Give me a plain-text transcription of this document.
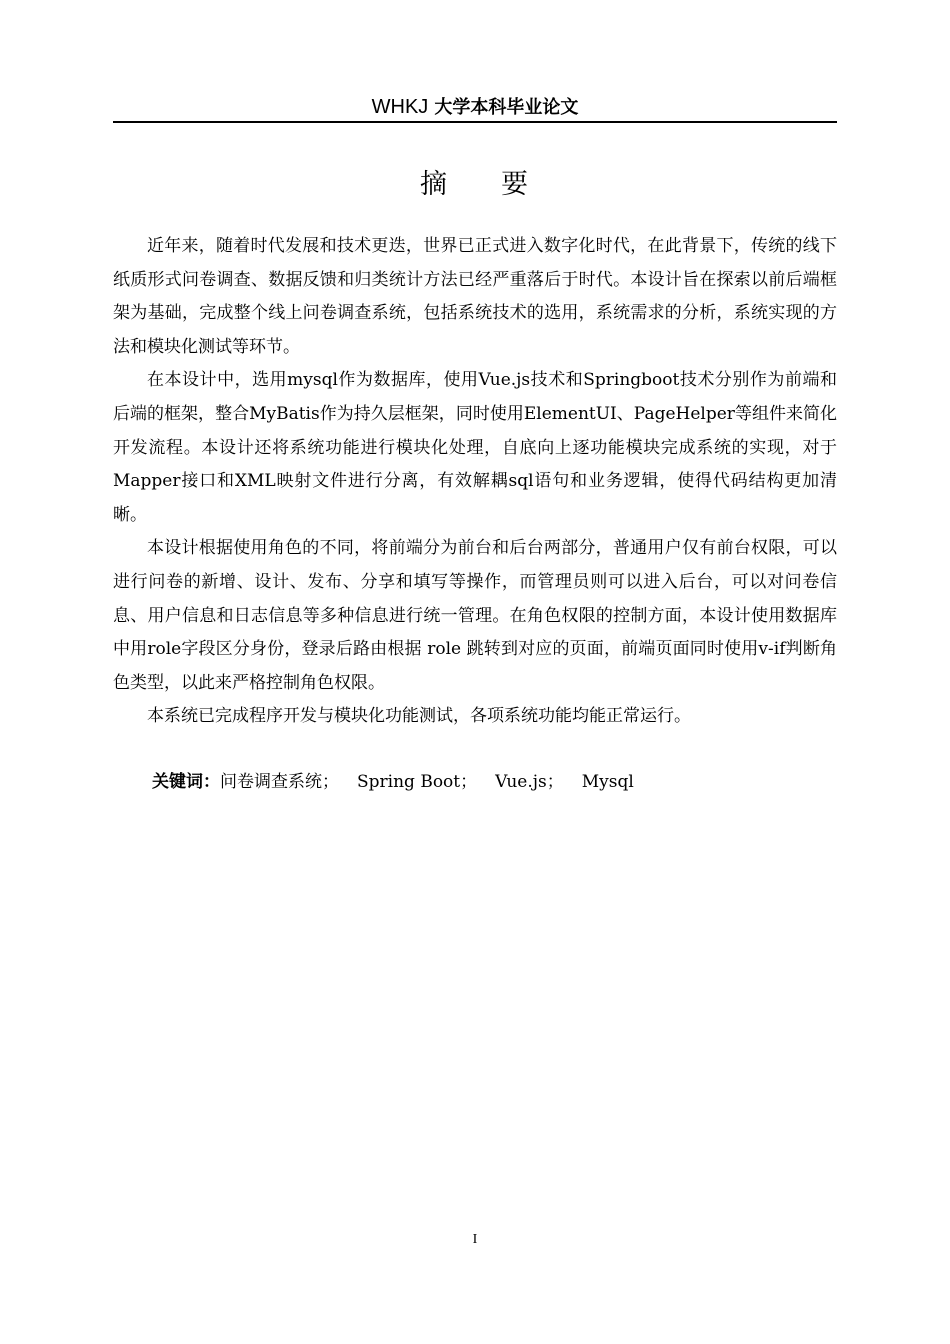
WHKJ 大学本科毕业论文
摘 要

近年来，随着时代发展和技术更迭，世界已正式进入数字化时代，在此背景下，传统的线下纸质形式问卷调查、数据反馈和归类统计方法已经严重落后于时代。本设计旨在探索以前后端框架为基础，完成整个线上问卷调查系统，包括系统技术的选用，系统需求的分析，系统实现的方法和模块化测试等环节。

在本设计中，选用mysql作为数据库，使用Vue.js技术和Springboot技术分别作为前端和后端的框架，整合MyBatis作为持久层框架，同时使用ElementUI、PageHelper等组件来简化开发流程。本设计还将系统功能进行模块化处理，自底向上逐功能模块完成系统的实现，对于Mapper接口和XML映射文件进行分离，有效解耦sql语句和业务逻辑，使得代码结构更加清晰。

本设计根据使用角色的不同，将前端分为前台和后台两部分，普通用户仅有前台权限，可以进行问卷的新增、设计、发布、分享和填写等操作，而管理员则可以进入后台，可以对问卷信息、用户信息和日志信息等多种信息进行统一管理。在角色权限的控制方面，本设计使用数据库中用role字段区分身份，登录后路由根据 role 跳转到对应的页面，前端页面同时使用v-if判断角色类型，以此来严格控制角色权限。

本系统已完成程序开发与模块化功能测试，各项系统功能均能正常运行。

关键词：问卷调查系统； Spring Boot； Vue.js； Mysql
I
